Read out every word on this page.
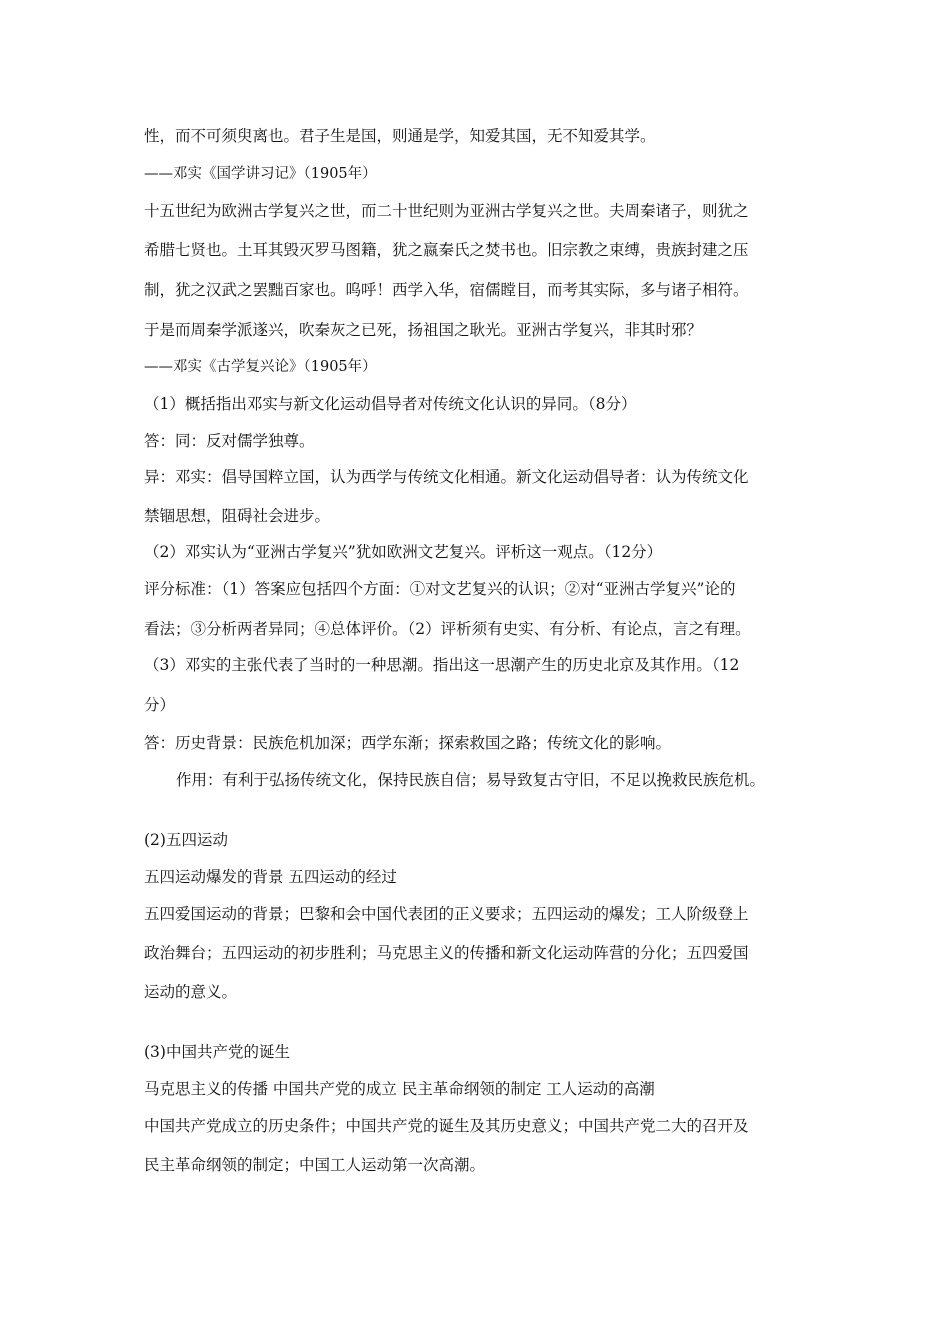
性，而不可须臾离也。君子生是国，则通是学，知爱其国，无不知爱其学。

——邓实《国学讲习记》（1905年）

十五世纪为欧洲古学复兴之世，而二十世纪则为亚洲古学复兴之世。夫周秦诸子，则犹之

希腊七贤也。土耳其毁灭罗马图籍，犹之嬴秦氏之焚书也。旧宗教之束缚，贵族封建之压

制，犹之汉武之罢黜百家也。呜呼！西学入华，宿儒瞠目，而考其实际，多与诸子相符。

于是而周秦学派遂兴，吹秦灰之已死，扬祖国之耿光。亚洲古学复兴，非其时邪？

——邓实《古学复兴论》（1905年）

（1）概括指出邓实与新文化运动倡导者对传统文化认识的异同。（8分）

答：同：反对儒学独尊。

异：邓实：倡导国粹立国，认为西学与传统文化相通。新文化运动倡导者：认为传统文化

禁锢思想，阻碍社会进步。

（2）邓实认为“亚洲古学复兴”犹如欧洲文艺复兴。评析这一观点。（12分）

评分标准：（1）答案应包括四个方面：①对文艺复兴的认识；②对“亚洲古学复兴”论的

看法；③分析两者异同；④总体评价。（2）评析须有史实、有分析、有论点，言之有理。

（3）邓实的主张代表了当时的一种思潮。指出这一思潮产生的历史北京及其作用。（12

分）

答：历史背景：民族危机加深；西学东渐；探索救国之路；传统文化的影响。

作用：有利于弘扬传统文化，保持民族自信；易导致复古守旧，不足以挽救民族危机。

(2)五四运动

五四运动爆发的背景 五四运动的经过

五四爱国运动的背景；巴黎和会中国代表团的正义要求；五四运动的爆发；工人阶级登上

政治舞台；五四运动的初步胜利；马克思主义的传播和新文化运动阵营的分化；五四爱国

运动的意义。

(3)中国共产党的诞生

马克思主义的传播 中国共产党的成立 民主革命纲领的制定 工人运动的高潮

中国共产党成立的历史条件；中国共产党的诞生及其历史意义；中国共产党二大的召开及

民主革命纲领的制定；中国工人运动第一次高潮。
